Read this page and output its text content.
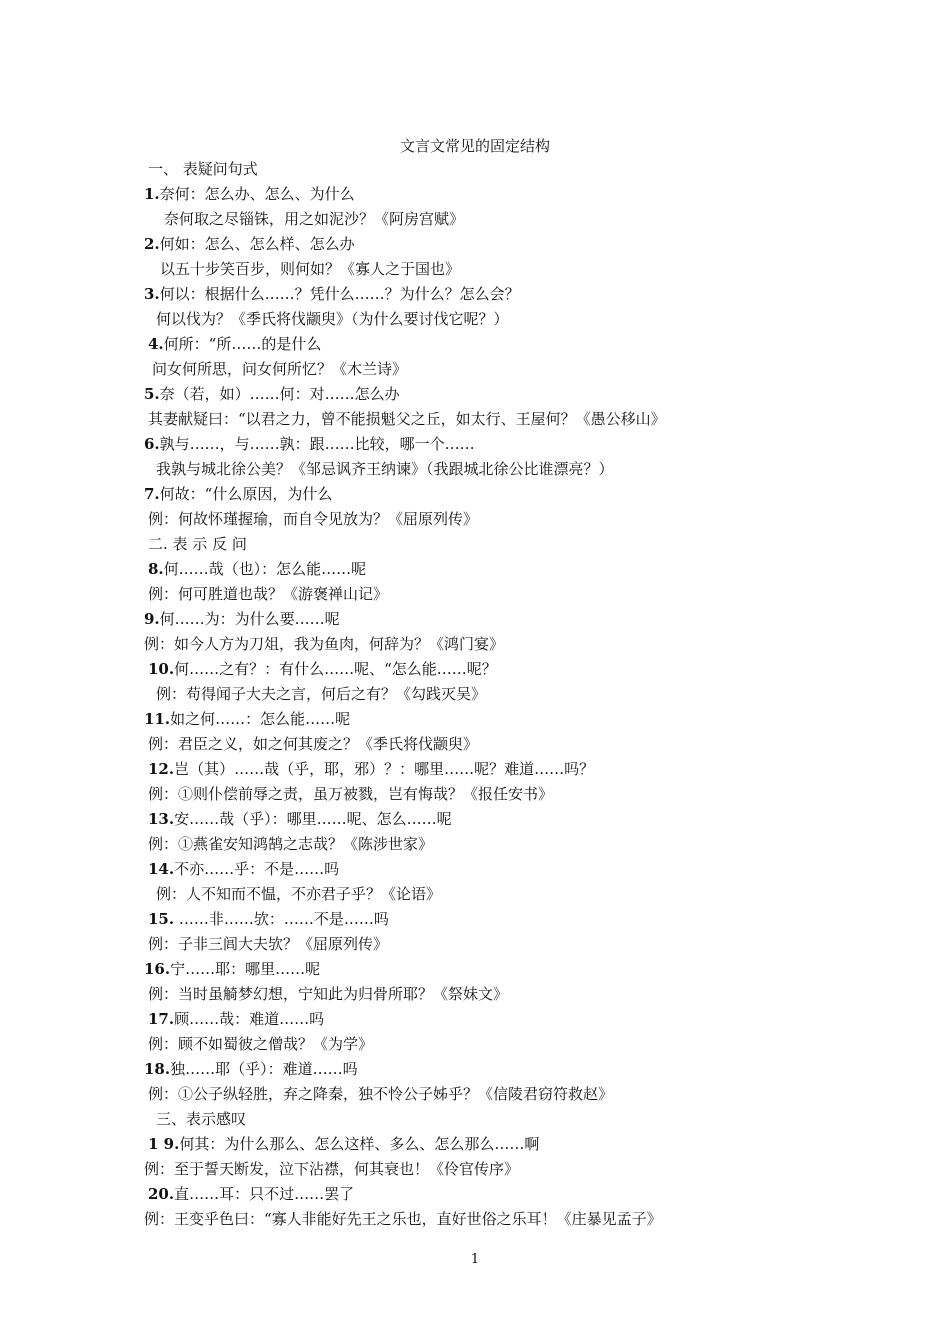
文言文常见的固定结构
一、 表疑问句式
1.奈何：怎么办、怎么、为什么
奈何取之尽锱铢，用之如泥沙？《阿房宫赋》
2.何如：怎么、怎么样、怎么办
以五十步笑百步，则何如？《寡人之于国也》
3.何以：根据什么……？凭什么……？为什么？怎么会？
何以伐为？《季氏将伐颛臾》（为什么要讨伐它呢？）
4.何所：“所……的是什么
问女何所思，问女何所忆？《木兰诗》
5.奈（若，如）……何：对……怎么办
其妻献疑曰：“以君之力，曾不能损魁父之丘，如太行、王屋何？《愚公移山》
6.孰与……，与……孰：跟……比较，哪一个……
我孰与城北徐公美？《邹忌讽齐王纳谏》（我跟城北徐公比谁漂亮？）
7.何故：“什么原因，为什么
例：何故怀瑾握瑜，而自令见放为？《屈原列传》
二. 表 示 反 问
8.何……哉（也）：怎么能……呢
例：何可胜道也哉？《游褒禅山记》
9.何……为：为什么要……呢
例：如今人方为刀俎，我为鱼肉，何辞为？《鸿门宴》
10.何……之有？：有什么……呢、“怎么能……呢？
例：苟得闻子大夫之言，何后之有？《勾践灭吴》
11.如之何……：怎么能……呢
例：君臣之义，如之何其废之？《季氏将伐颛臾》
12.岂（其）……哉（乎，耶，邪）？：哪里……呢？难道……吗？
例：①则仆偿前辱之责，虽万被戮，岂有悔哉？《报任安书》
13.安……哉（乎）：哪里……呢、怎么……呢
例：①燕雀安知鸿鹄之志哉？《陈涉世家》
14.不亦……乎：不是……吗
例：人不知而不愠，不亦君子乎？《论语》
15. ……非……欤：……不是……吗
例：子非三闾大夫欤？《屈原列传》
16.宁……耶：哪里……呢
例：当时虽觭梦幻想，宁知此为归骨所耶？《祭妹文》
17.顾……哉：难道……吗
例：顾不如蜀彼之僧哉？《为学》
18.独……耶（乎）：难道……吗
例：①公子纵轻胜，弃之降秦，独不怜公子姊乎？《信陵君窃符救赵》
三、表示感叹
1 9.何其：为什么那么、怎么这样、多么、怎么那么……啊
例：至于誓天断发，泣下沾襟，何其衰也！《伶官传序》
20.直……耳：只不过……罢了
例：王变乎色曰：“寡人非能好先王之乐也，直好世俗之乐耳！《庄暴见孟子》
1
